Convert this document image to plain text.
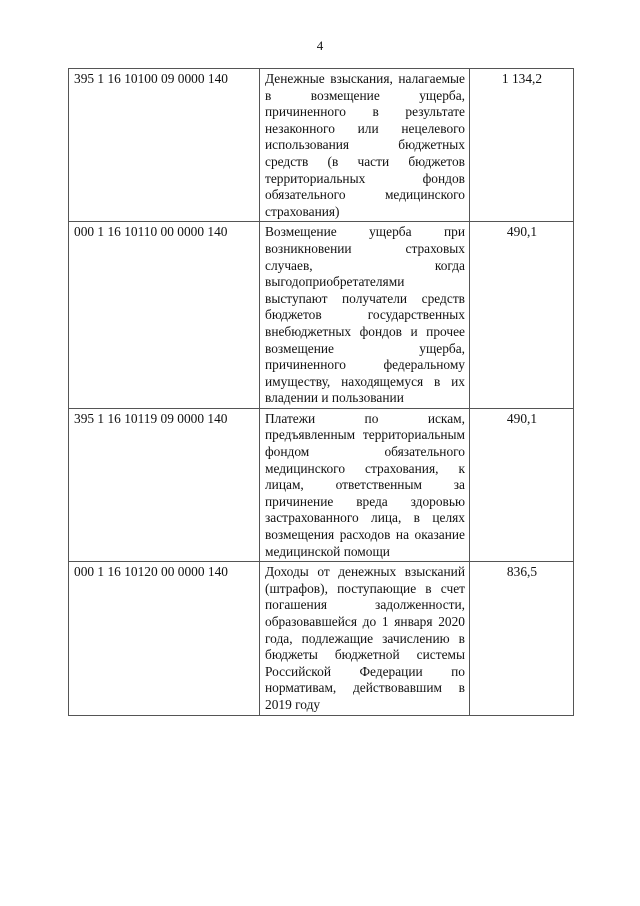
4
395 1 16 10100 09 0000 140	Денежные взыскания, налагаемые в возмещение ущерба, причиненного в результате незаконного или нецелевого использования бюджетных средств (в части бюджетов территориальных фондов обязательного медицинского страхования)	1 134,2
000 1 16 10110 00 0000 140	Возмещение ущерба при возникновении страховых случаев, когда выгодоприобретателями выступают получатели средств бюджетов государственных внебюджетных фондов и прочее возмещение ущерба, причиненного федеральному имуществу, находящемуся в их владении и пользовании	490,1
395 1 16 10119 09 0000 140	Платежи по искам, предъявленным территориальным фондом обязательного медицинского страхования, к лицам, ответственным за причинение вреда здоровью застрахованного лица, в целях возмещения расходов на оказание медицинской помощи	490,1
000 1 16 10120 00 0000 140	Доходы от денежных взысканий (штрафов), поступающие в счет погашения задолженности, образовавшейся до 1 января 2020 года, подлежащие зачислению в бюджеты бюджетной системы Российской Федерации по нормативам, действовавшим в 2019 году	836,5
